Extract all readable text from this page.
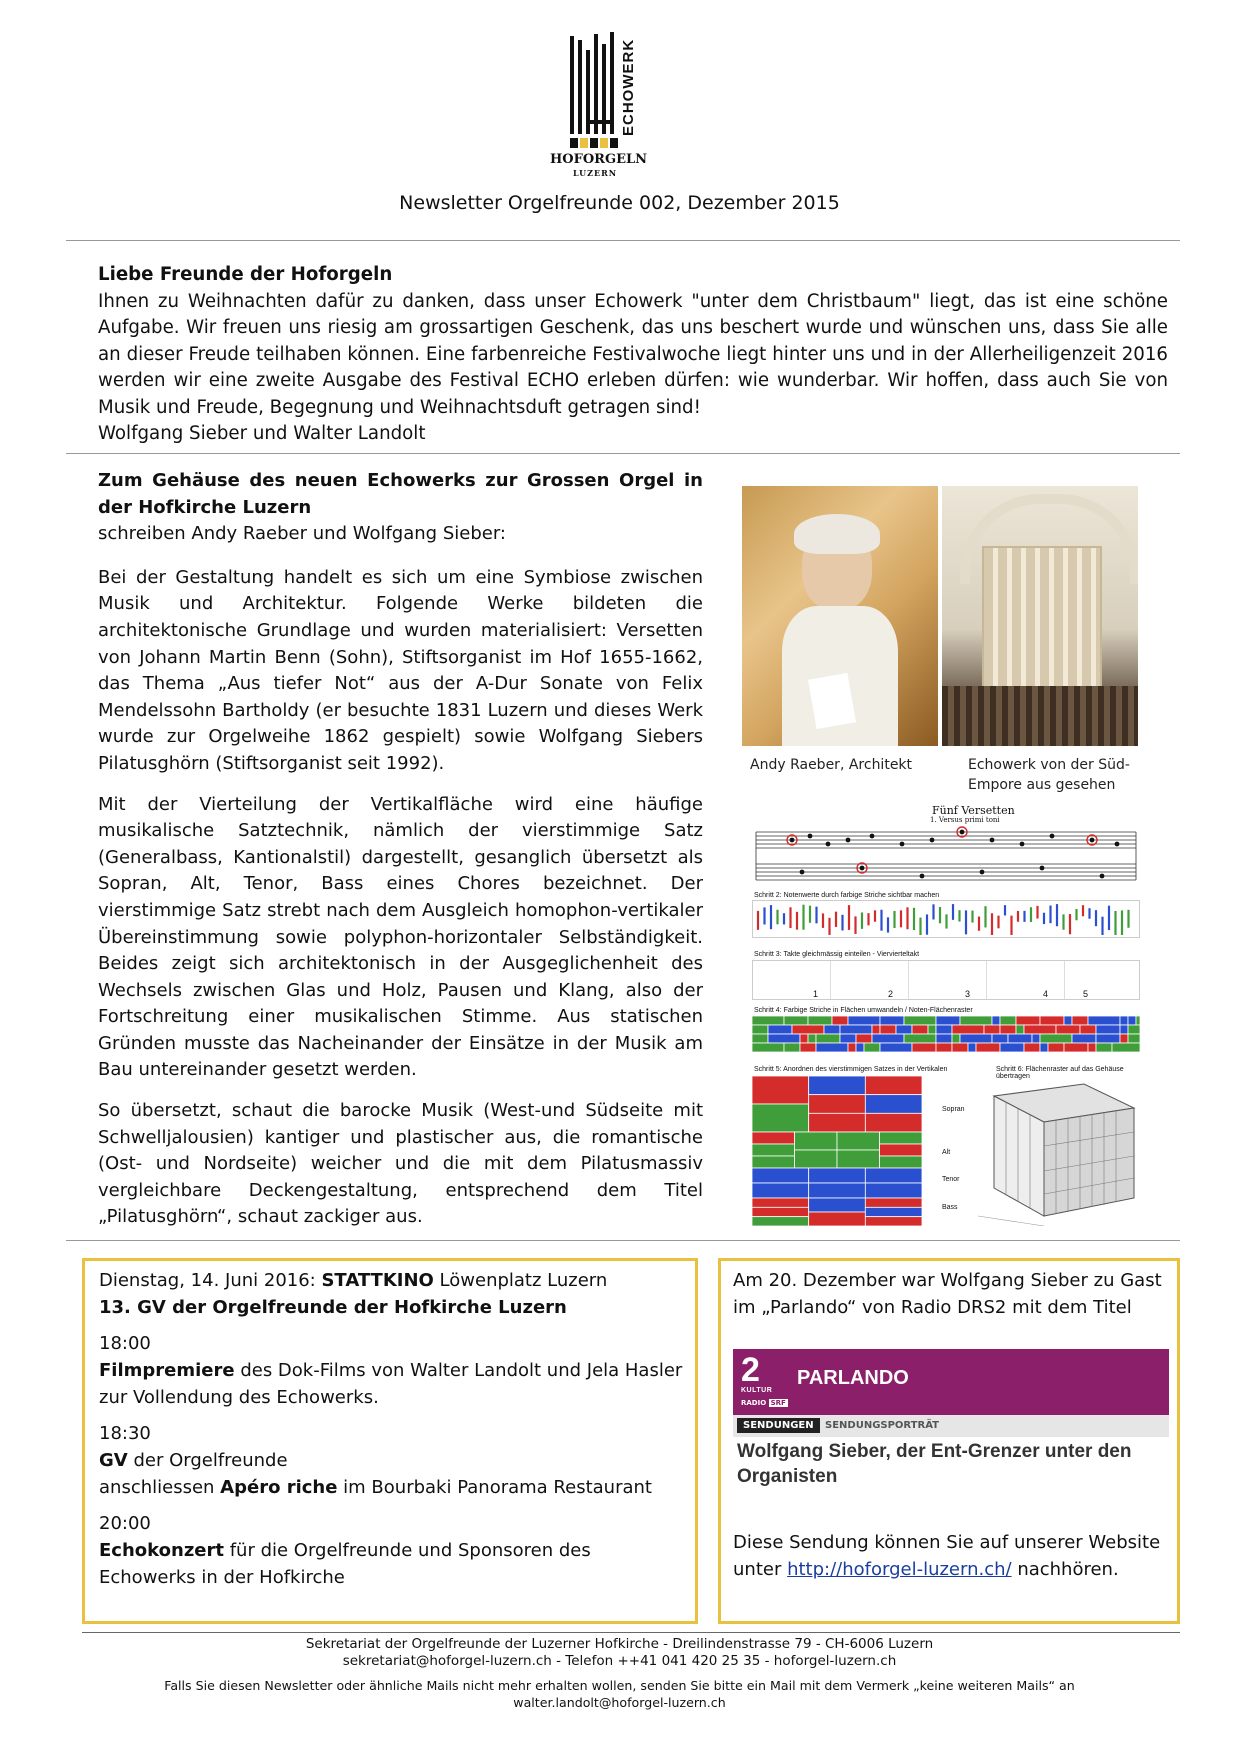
ECHOWERK
HOFORGELN
LUZERN
Newsletter Orgelfreunde 002, Dezember 2015

Liebe Freunde der Hoforgeln

Ihnen zu Weihnachten dafür zu danken, dass unser Echowerk "unter dem Christbaum" liegt, das ist eine schöne Aufgabe. Wir freuen uns riesig am grossartigen Geschenk, das uns beschert wurde und wünschen uns, dass Sie alle an dieser Freude teilhaben können. Eine farbenreiche Festivalwoche liegt hinter uns und in der Allerheiligenzeit 2016 werden wir eine zweite Ausgabe des Festival ECHO erleben dürfen: wie wunderbar. Wir hoffen, dass auch Sie von Musik und Freude, Begegnung und Weihnachtsduft getragen sind!

Wolfgang Sieber und Walter Landolt

Zum Gehäuse des neuen Echowerks zur Grossen Orgel in der Hofkirche Luzern

schreiben Andy Raeber und Wolfgang Sieber:

Bei der Gestaltung handelt es sich um eine Symbiose zwischen Musik und Architektur. Folgende Werke bildeten die architektonische Grundlage und wurden materialisiert: Versetten von Johann Martin Benn (Sohn), Stiftsorganist im Hof 1655-1662, das Thema „Aus tiefer Not“ aus der A-Dur Sonate von Felix Mendelssohn Bartholdy (er besuchte 1831 Luzern und dieses Werk wurde zur Orgelweihe 1862 gespielt) sowie Wolfgang Siebers Pilatusghörn (Stiftsorganist seit 1992).

Mit der Vierteilung der Vertikalfläche wird eine häufige musikalische Satztechnik, nämlich der vierstimmige Satz (Generalbass, Kantionalstil) dargestellt, gesanglich übersetzt als Sopran, Alt, Tenor, Bass eines Chores bezeichnet. Der vierstimmige Satz strebt nach dem Ausgleich homophon-vertikaler Übereinstimmung sowie polyphon-horizontaler Selbständigkeit. Beides zeigt sich architektonisch in der Ausgeglichenheit des Wechsels zwischen Glas und Holz, Pausen und Klang, also der Fortschreitung einer musikalischen Stimme. Aus statischen Gründen musste das Nacheinander der Einsätze in der Musik am Bau untereinander gesetzt werden.

So übersetzt, schaut die barocke Musik (West-und Südseite mit Schwelljalousien) kantiger und plastischer aus, die romantische (Ost- und Nordseite) weicher und die mit dem Pilatusmassiv vergleichbare Deckengestaltung, entsprechend dem Titel „Pilatusghörn“, schaut zackiger aus.

Andy Raeber, Architekt	Echowerk von der Süd-
Empore aus gesehen
Fünf Versetten
1. Versus primi toni
Schritt 2: Notenwerte durch farbige Striche sichtbar machen
Schritt 3: Takte gleichmässig einteilen - Viervierteltakt
1	2	3	4	5
Schritt 4: Farbige Striche in Flächen umwandeln / Noten-Flächenraster
Schritt 5: Anordnen des vierstimmigen Satzes in der Vertikalen	Schritt 6: Flächenraster auf das Gehäuse übertragen
Sopran
Alt
Tenor
Bass

Dienstag, 14. Juni 2016: STATTKINO Löwenplatz Luzern

13. GV der Orgelfreunde der Hofkirche Luzern

18:00

Filmpremiere des Dok-Films von Walter Landolt und Jela Hasler zur Vollendung des Echowerks.

18:30

GV der Orgelfreunde

anschliessen Apéro riche im Bourbaki Panorama Restaurant

20:00

Echokonzert für die Orgelfreunde und Sponsoren des Echowerks in der Hofkirche

Am 20. Dezember war Wolfgang Sieber zu Gast im „Parlando“ von Radio DRS2 mit dem Titel

2
KULTUR
RADIO SRF
PARLANDO
SENDUNGEN	SENDUNGSPORTRÄT

Wolfgang Sieber, der Ent-Grenzer unter den Organisten

Diese Sendung können Sie auf unserer Website unter http://hoforgel-luzern.ch/ nachhören.

Sekretariat der Orgelfreunde der Luzerner Hofkirche - Dreilindenstrasse 79 - CH-6006 Luzern
sekretariat@hoforgel-luzern.ch - Telefon ++41 041 420 25 35 - hoforgel-luzern.ch
Falls Sie diesen Newsletter oder ähnliche Mails nicht mehr erhalten wollen, senden Sie bitte ein Mail mit dem Vermerk „keine weiteren Mails“ an
walter.landolt@hoforgel-luzern.ch
